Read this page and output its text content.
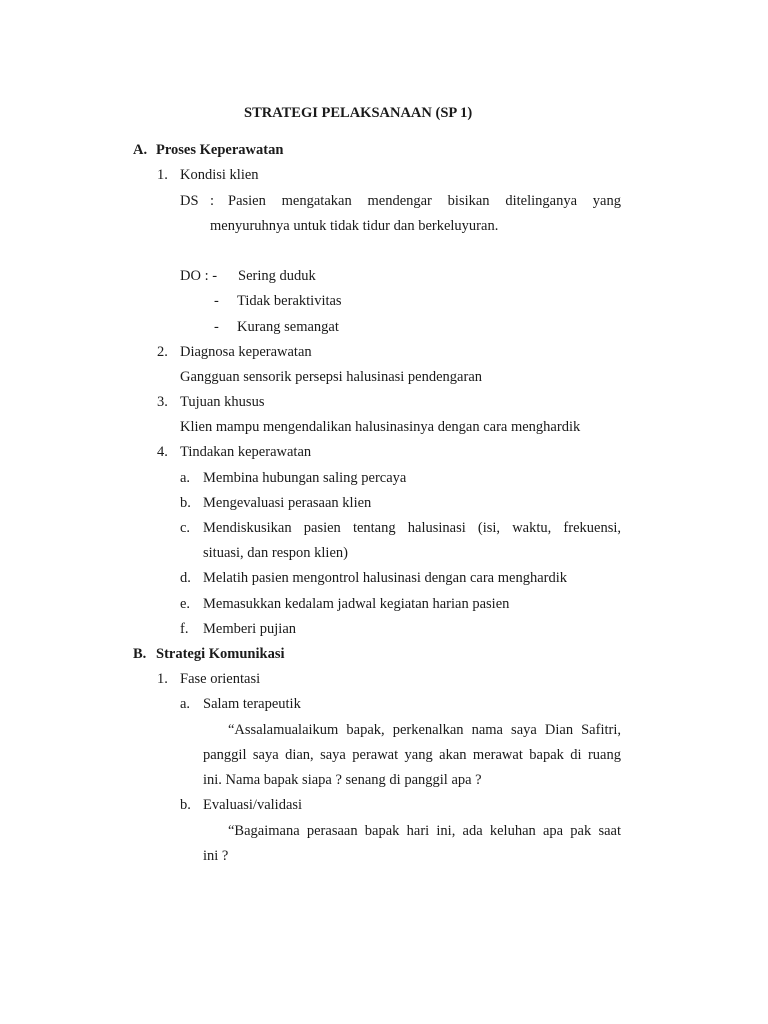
STRATEGI PELAKSANAAN (SP 1)
A. Proses Keperawatan
1. Kondisi klien
DS : Pasien mengatakan mendengar bisikan ditelinganya yang
menyuruhnya untuk tidak tidur dan berkeluyuran.
DO : - Sering duduk
- Tidak beraktivitas
- Kurang semangat
2. Diagnosa keperawatan
Gangguan sensorik persepsi halusinasi pendengaran
3. Tujuan khusus
Klien mampu mengendalikan halusinasinya dengan cara menghardik
4. Tindakan keperawatan
a. Membina hubungan saling percaya
b. Mengevaluasi perasaan klien
c. Mendiskusikan pasien tentang halusinasi (isi, waktu, frekuensi,
situasi, dan respon klien)
d. Melatih pasien mengontrol halusinasi dengan cara menghardik
e. Memasukkan kedalam jadwal kegiatan harian pasien
f. Memberi pujian
B. Strategi Komunikasi
1. Fase orientasi
a. Salam terapeutik
“Assalamualaikum bapak, perkenalkan nama saya Dian Safitri,
panggil saya dian, saya perawat yang akan merawat bapak di ruang
ini. Nama bapak siapa ? senang di panggil apa ?
b. Evaluasi/validasi
“Bagaimana perasaan bapak hari ini, ada keluhan apa pak saat
ini ?
